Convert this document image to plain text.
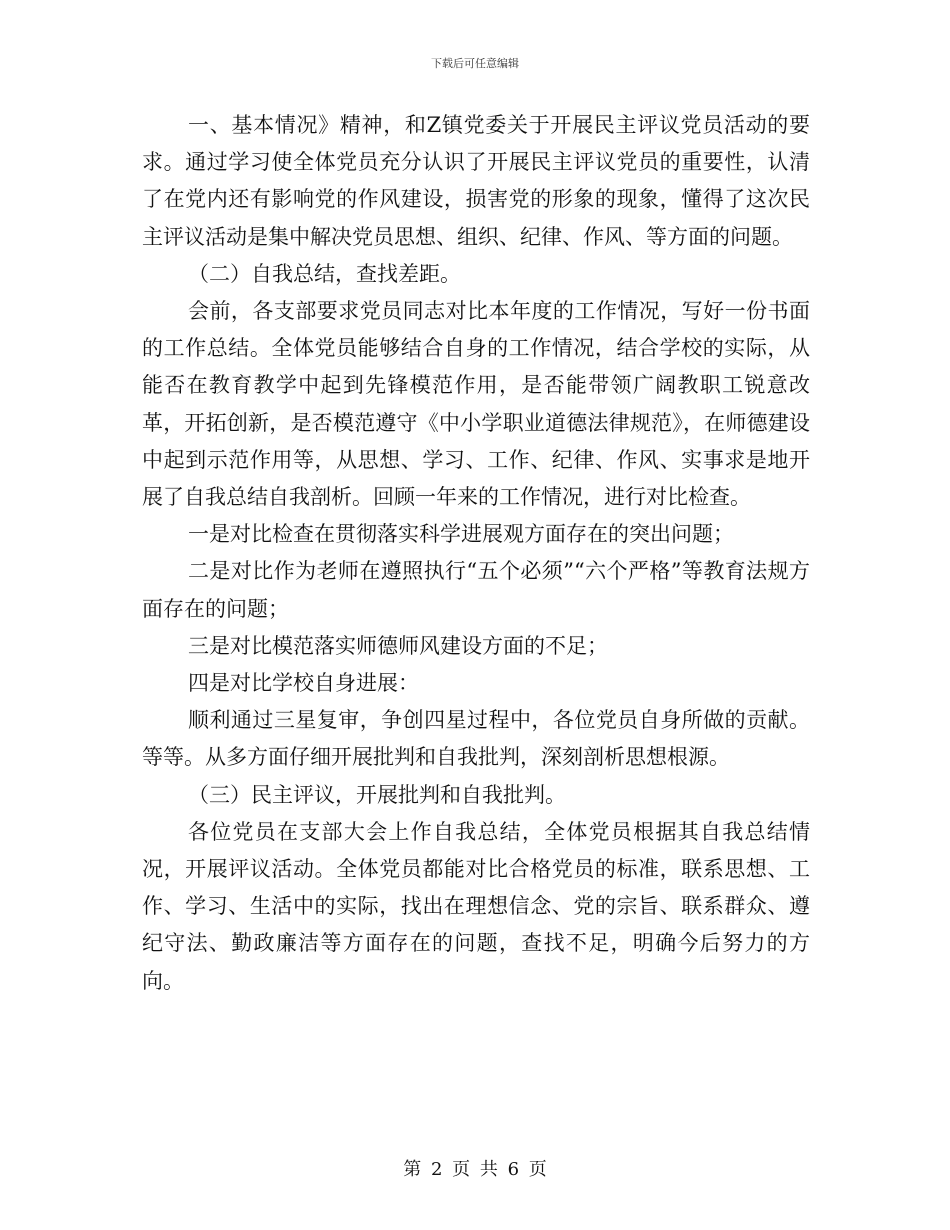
下载后可任意编辑

一、基本情况》精神，和Z镇党委关于开展民主评议党员活动的要求。通过学习使全体党员充分认识了开展民主评议党员的重要性，认清了在党内还有影响党的作风建设，损害党的形象的现象，懂得了这次民主评议活动是集中解决党员思想、组织、纪律、作风、等方面的问题。

（二）自我总结，查找差距。

会前，各支部要求党员同志对比本年度的工作情况，写好一份书面的工作总结。全体党员能够结合自身的工作情况，结合学校的实际，从能否在教育教学中起到先锋模范作用，是否能带领广阔教职工锐意改革，开拓创新，是否模范遵守《中小学职业道德法律规范》，在师德建设中起到示范作用等，从思想、学习、工作、纪律、作风、实事求是地开展了自我总结自我剖析。回顾一年来的工作情况，进行对比检查。

一是对比检查在贯彻落实科学进展观方面存在的突出问题；

二是对比作为老师在遵照执行“五个必须”“六个严格”等教育法规方面存在的问题；

三是对比模范落实师德师风建设方面的不足；

四是对比学校自身进展：

顺利通过三星复审，争创四星过程中，各位党员自身所做的贡献。等等。从多方面仔细开展批判和自我批判，深刻剖析思想根源。

（三）民主评议，开展批判和自我批判。

各位党员在支部大会上作自我总结，全体党员根据其自我总结情况，开展评议活动。全体党员都能对比合格党员的标准，联系思想、工作、学习、生活中的实际，找出在理想信念、党的宗旨、联系群众、遵纪守法、勤政廉洁等方面存在的问题，查找不足，明确今后努力的方向。

第 2 页 共 6 页
